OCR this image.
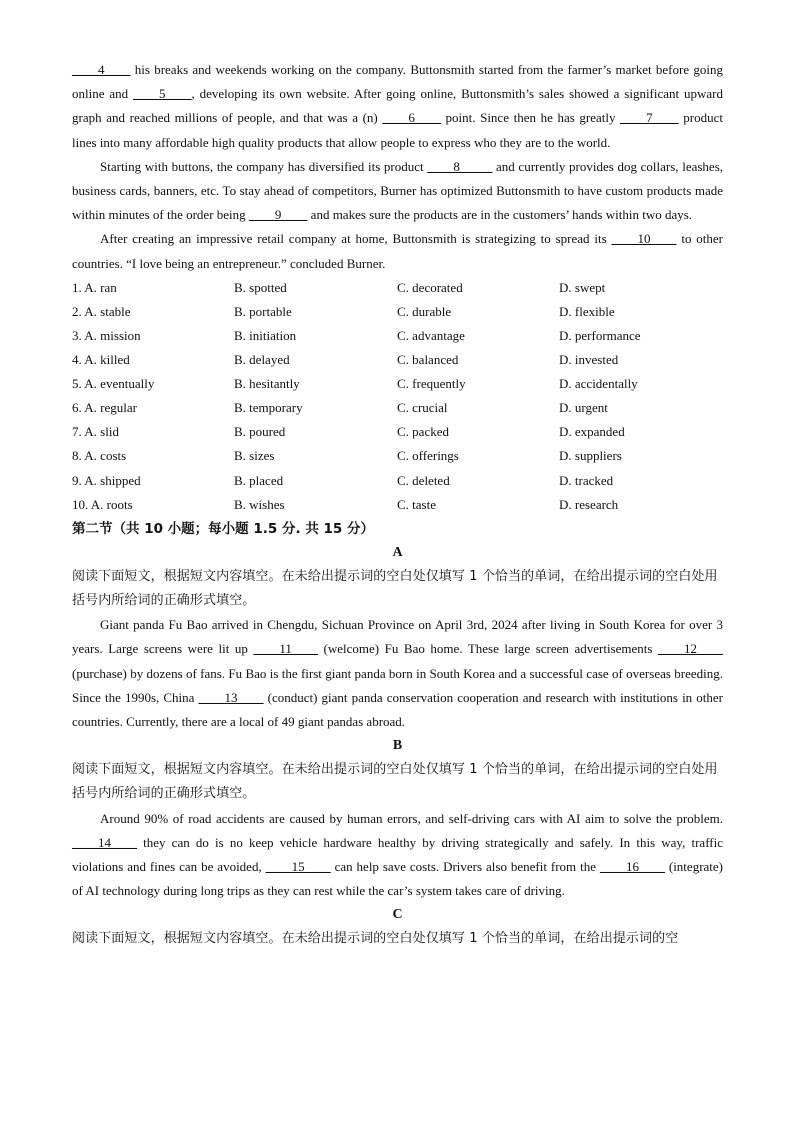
____4____ his breaks and weekends working on the company. Buttonsmith started from the farmer’s market before going online and ____5____, developing its own website. After going online, Buttonsmith’s sales showed a significant upward graph and reached millions of people, and that was a (n) ____6____ point. Since then he has greatly ____7____ product lines into many affordable high quality products that allow people to express who they are to the world.

Starting with buttons, the company has diversified its product ____8_____ and currently provides dog collars, leashes, business cards, banners, etc. To stay ahead of competitors, Burner has optimized Buttonsmith to have custom products made within minutes of the order being ____9____ and makes sure the products are in the customers’ hands within two days.

After creating an impressive retail company at home, Buttonsmith is strategizing to spread its ____10____ to other countries. “I love being an entrepreneur.” concluded Burner.

1. A. ran	B. spotted	C. decorated	D. swept
2. A. stable	B. portable	C. durable	D. flexible
3. A. mission	B. initiation	C. advantage	D. performance
4. A. killed	B. delayed	C. balanced	D. invested
5. A. eventually	B. hesitantly	C. frequently	D. accidentally
6. A. regular	B. temporary	C. crucial	D. urgent
7. A. slid	B. poured	C. packed	D. expanded
8. A. costs	B. sizes	C. offerings	D. suppliers
9. A. shipped	B. placed	C. deleted	D. tracked
10. A. roots	B. wishes	C. taste	D. research

第二节（共 10 小题；每小题 1.5 分. 共 15 分）

A

阅读下面短文，根据短文内容填空。在未给出提示词的空白处仅填写 1 个恰当的单词，在给出提示词的空白处用括号内所给词的正确形式填空。

Giant panda Fu Bao arrived in Chengdu, Sichuan Province on April 3rd, 2024 after living in South Korea for over 3 years. Large screens were lit up ____11____ (welcome) Fu Bao home. These large screen advertisements ____12____ (purchase) by dozens of fans. Fu Bao is the first giant panda born in South Korea and a successful case of overseas breeding. Since the 1990s, China ____13____ (conduct) giant panda conservation cooperation and research with institutions in other countries. Currently, there are a local of 49 giant pandas abroad.

B

阅读下面短文，根据短文内容填空。在未给出提示词的空白处仅填写 1 个恰当的单词，在给出提示词的空白处用括号内所给词的正确形式填空。

Around 90% of road accidents are caused by human errors, and self-driving cars with AI aim to solve the problem. ____14____ they can do is no keep vehicle hardware healthy by driving strategically and safely. In this way, traffic violations and fines can be avoided, ____15____ can help save costs. Drivers also benefit from the ____16____ (integrate) of AI technology during long trips as they can rest while the car’s system takes care of driving.

C

阅读下面短文，根据短文内容填空。在未给出提示词的空白处仅填写 1 个恰当的单词，在给出提示词的空
